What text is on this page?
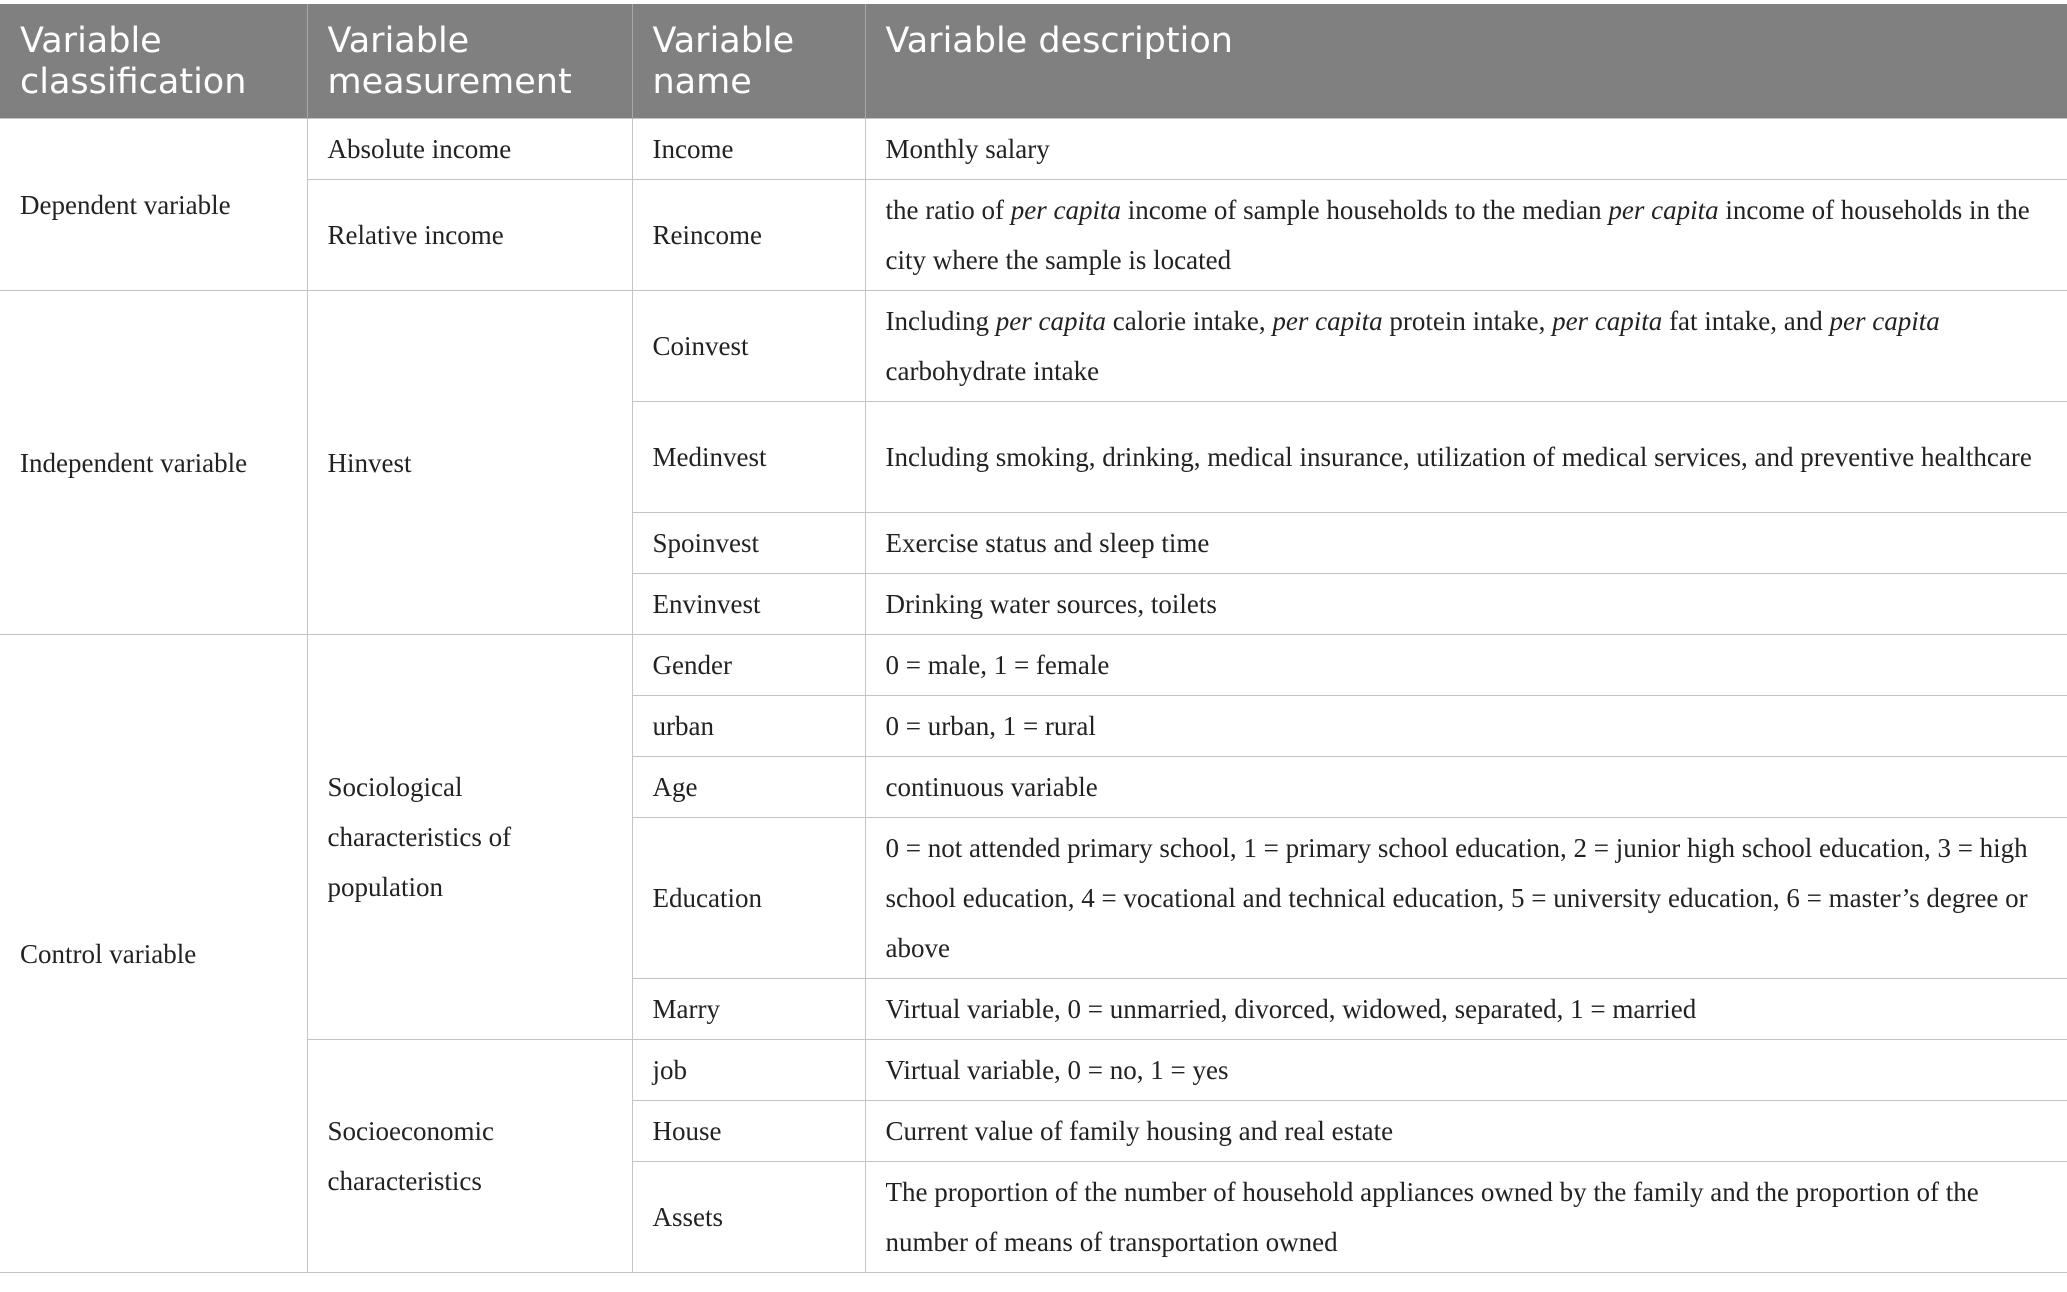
Variable classification	Variable measurement	Variable name	Variable description
Dependent variable	Absolute income	Income	Monthly salary
	Relative income	Reincome	the ratio of per capita income of sample households to the median per capita income of households in the city where the sample is located
Independent variable	Hinvest	Coinvest	Including per capita calorie intake, per capita protein intake, per capita fat intake, and per capita carbohydrate intake
		Medinvest	Including smoking, drinking, medical insurance, utilization of medical services, and preventive healthcare
		Spoinvest	Exercise status and sleep time
		Envinvest	Drinking water sources, toilets
Control variable	Sociological characteristics of population	Gender	0 = male, 1 = female
		urban	0 = urban, 1 = rural
		Age	continuous variable
		Education	0 = not attended primary school, 1 = primary school education, 2 = junior high school education, 3 = high school education, 4 = vocational and technical education, 5 = university education, 6 = master’s degree or above
		Marry	Virtual variable, 0 = unmarried, divorced, widowed, separated, 1 = married
	Socioeconomic characteristics	job	Virtual variable, 0 = no, 1 = yes
		House	Current value of family housing and real estate
		Assets	The proportion of the number of household appliances owned by the family and the proportion of the number of means of transportation owned
